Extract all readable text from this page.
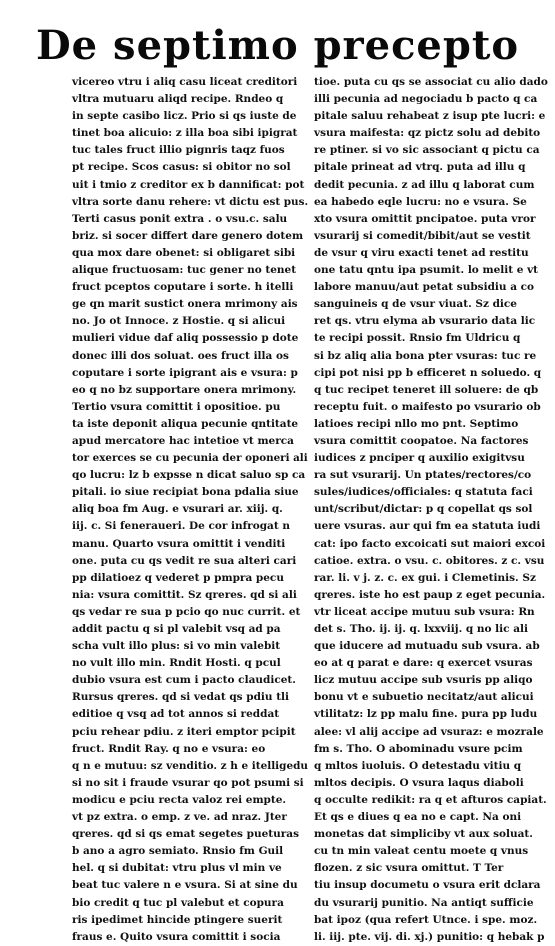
De septimo precepto
vicereo vtru i aliq casu liceat creditori
vltra mutuaru aliqd recipe. Rndeo q
in septe casibo licz. Prio si qs iuste de
tinet boa alicuio: z illa boa sibi ipigrat
tuc tales fruct illio pignris taqz fuos
pt recipe. Scos casus: si obitor no sol
uit i tmio z creditor ex b dannificat: pot
vltra sorte danu rehere: vt dictu est pus.
Terti casus ponit extra . o vsu.c. salu
briz. si socer differt dare genero dotem
qua mox dare obenet: si obligaret sibi
alique fructuosam: tuc gener no tenet
fruct pceptos coputare i sorte. h itelli
ge qn marit sustict onera mrimony ais
no. Jo ot Innoce. z Hostie. q si alicui
mulieri vidue daf aliq possessio p dote
donec illi dos soluat. oes fruct illa os
coputare i sorte ipigrant ais e vsura: p
eo q no bz supportare onera mrimony.
Tertio vsura comittit i opositioe. pu
ta iste deponit aliqua pecunie qntitate
apud mercatore hac intetioe vt merca
tor exerces se cu pecunia der oponeri ali
qo lucru: lz b expsse n dicat saluo sp ca
pitali. io siue recipiat bona pdalia siue
aliq boa fm Aug. e vsurari ar. xiij. q.
iij. c. Si feneraueri. De cor infrogat n
manu. Quarto vsura omittit i venditi
one. puta cu qs vedit re sua alteri cari
pp dilatioez q vederet p pmpra pecu
nia: vsura comittit. Sz qreres. qd si ali
qs vedar re sua p pcio qo nuc currit. et
addit pactu q si pl valebit vsq ad pa
scha vult illo plus: si vo min valebit
no vult illo min. Rndit Hosti. q pcul
dubio vsura est cum i pacto claudicet.
Rursus qreres. qd si vedat qs pdiu tli
editioe q vsq ad tot annos si reddat
pciu rehear pdiu. z iteri emptor pcipit
fruct. Rndit Ray. q no e vsura: eo
q n e mutuu: sz venditio. z h e itelligedu
si no sit i fraude vsurar qo pot psumi si
modicu e pciu recta valoz rei empte.
vt pz extra. o emp. z ve. ad nraz. Jter
qreres. qd si qs emat segetes pueturas
b ano a agro semiato. Rnsio fm Guil
hel. q si dubitat: vtru plus vl min ve
beat tuc valere n e vsura. Si at sine du
bio credit q tuc pl valebut et copura
ris ipedimet hincide ptingere suerit
fraus e. Quito vsura comittit i socia
tioe. puta cu qs se associat cu alio dado
illi pecunia ad negociadu b pacto q ca
pitale saluu rehabeat z isup pte lucri: e
vsura maifesta: qz pictz solu ad debito
re ptiner. si vo sic associant q pictu ca
pitale prineat ad vtrq. puta ad illu q
dedit pecunia. z ad illu q laborat cum
ea habedo eqle lucru: no e vsura. Se
xto vsura omittit pncipatoe. puta vror
vsurarij si comedit/bibit/aut se vestit
de vsur q viru exacti tenet ad restitu
one tatu qntu ipa psumit. lo melit e vt
labore manuu/aut petat subsidiu a co
sanguineis q de vsur viuat. Sz dice
ret qs. vtru elyma ab vsurario data lic
te recipi possit. Rnsio fm Uldricu q
si bz aliq alia bona pter vsuras: tuc re
cipi pot nisi pp b efficeret n soluedo. q
q tuc recipet teneret ill soluere: de qb
receptu fuit. o maifesto po vsurario ob
latioes recipi nllo mo pnt. Septimo
vsura comittit coopatoe. Na factores
iudices z pnciper q auxilio exigitvsu
ra sut vsurarij. Un ptates/rectores/co
sules/iudices/officiales: q statuta faci
unt/scribut/dictar: p q copellat qs sol
uere vsuras. aur qui fm ea statuta iudi
cat: ipo facto excoicati sut maiori excoi
catioe. extra. o vsu. c. obitores. z c. vsu
rar. li. v j. z. c. ex gui. i Clemetinis. Sz
qreres. iste ho est paup z eget pecunia.
vtr liceat accipe mutuu sub vsura: Rn
det s. Tho. ij. ij. q. lxxviij. q no lic ali
que iducere ad mutuadu sub vsura. ab
eo at q parat e dare: q exercet vsuras
licz mutuu accipe sub vsuris pp aliqo
bonu vt e subuetio necitatz/aut alicui
vtilitatz: lz pp malu fine. pura pp ludu
alee: vl alij accipe ad vsuraz: e mozrale
fm s. Tho. O abominadu vsure pcim
q mltos iuoluis. O detestadu vitiu q
mltos decipis. O vsura laqus diaboli
q occulte redikit: ra q et afturos capiat.
Et qs e diues q ea no e capt. Na oni
monetas dat simpliciby vt aux soluat.
cu tn min valeat centu moete q vnus
flozen. z sic vsura omittut. T Ter
tiu insup documetu o vsura erit dclara
du vsurarij punitio. Na antiqt sufficie
bat ipoz (qua refert Utnce. i spe. moz.
li. iij. pte. vij. di. xj.) punitio: q hebak p
